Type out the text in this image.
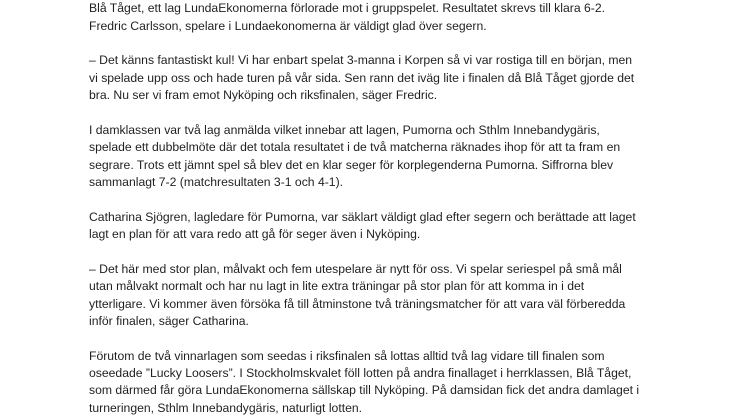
Blå Tåget, ett lag LundaEkonomerna förlorade mot i gruppspelet. Resultatet skrevs till klara 6-2.
Fredric Carlsson, spelare i Lundaekonomerna är väldigt glad över segern.

– Det känns fantastiskt kul! Vi har enbart spelat 3-manna i Korpen så vi var rostiga till en början, men
vi spelade upp oss och hade turen på vår sida. Sen rann det iväg lite i finalen då Blå Tåget gjorde det
bra. Nu ser vi fram emot Nyköping och riksfinalen, säger Fredric.

I damklassen var två lag anmälda vilket innebar att lagen, Pumorna och Sthlm Innebandygäris,
spelade ett dubbelmöte där det totala resultatet i de två matcherna räknades ihop för att ta fram en
segrare. Trots ett jämnt spel så blev det en klar seger för korplegenderna Pumorna. Siffrorna blev
sammanlagt 7-2 (matchresultaten 3-1 och 4-1).

Catharina Sjögren, lagledare för Pumorna, var säklart väldigt glad efter segern och berättade att laget
lagt en plan för att vara redo att gå för seger även i Nyköping.

– Det här med stor plan, målvakt och fem utespelare är nytt för oss. Vi spelar seriespel på små mål
utan målvakt normalt och har nu lagt in lite extra träningar på stor plan för att komma in i det
ytterligare. Vi kommer även försöka få till åtminstone två träningsmatcher för att vara väl förberedda
inför finalen, säger Catharina.

Förutom de två vinnarlagen som seedas i riksfinalen så lottas alltid två lag vidare till finalen som
oseedade ”Lucky Loosers”. I Stockholmskvalet föll lotten på andra finallaget i herrklassen, Blå Tåget,
som därmed får göra LundaEkonomerna sällskap till Nyköping. På damsidan fick det andra damlaget i
turneringen, Sthlm Innebandygäris, naturligt lotten.
